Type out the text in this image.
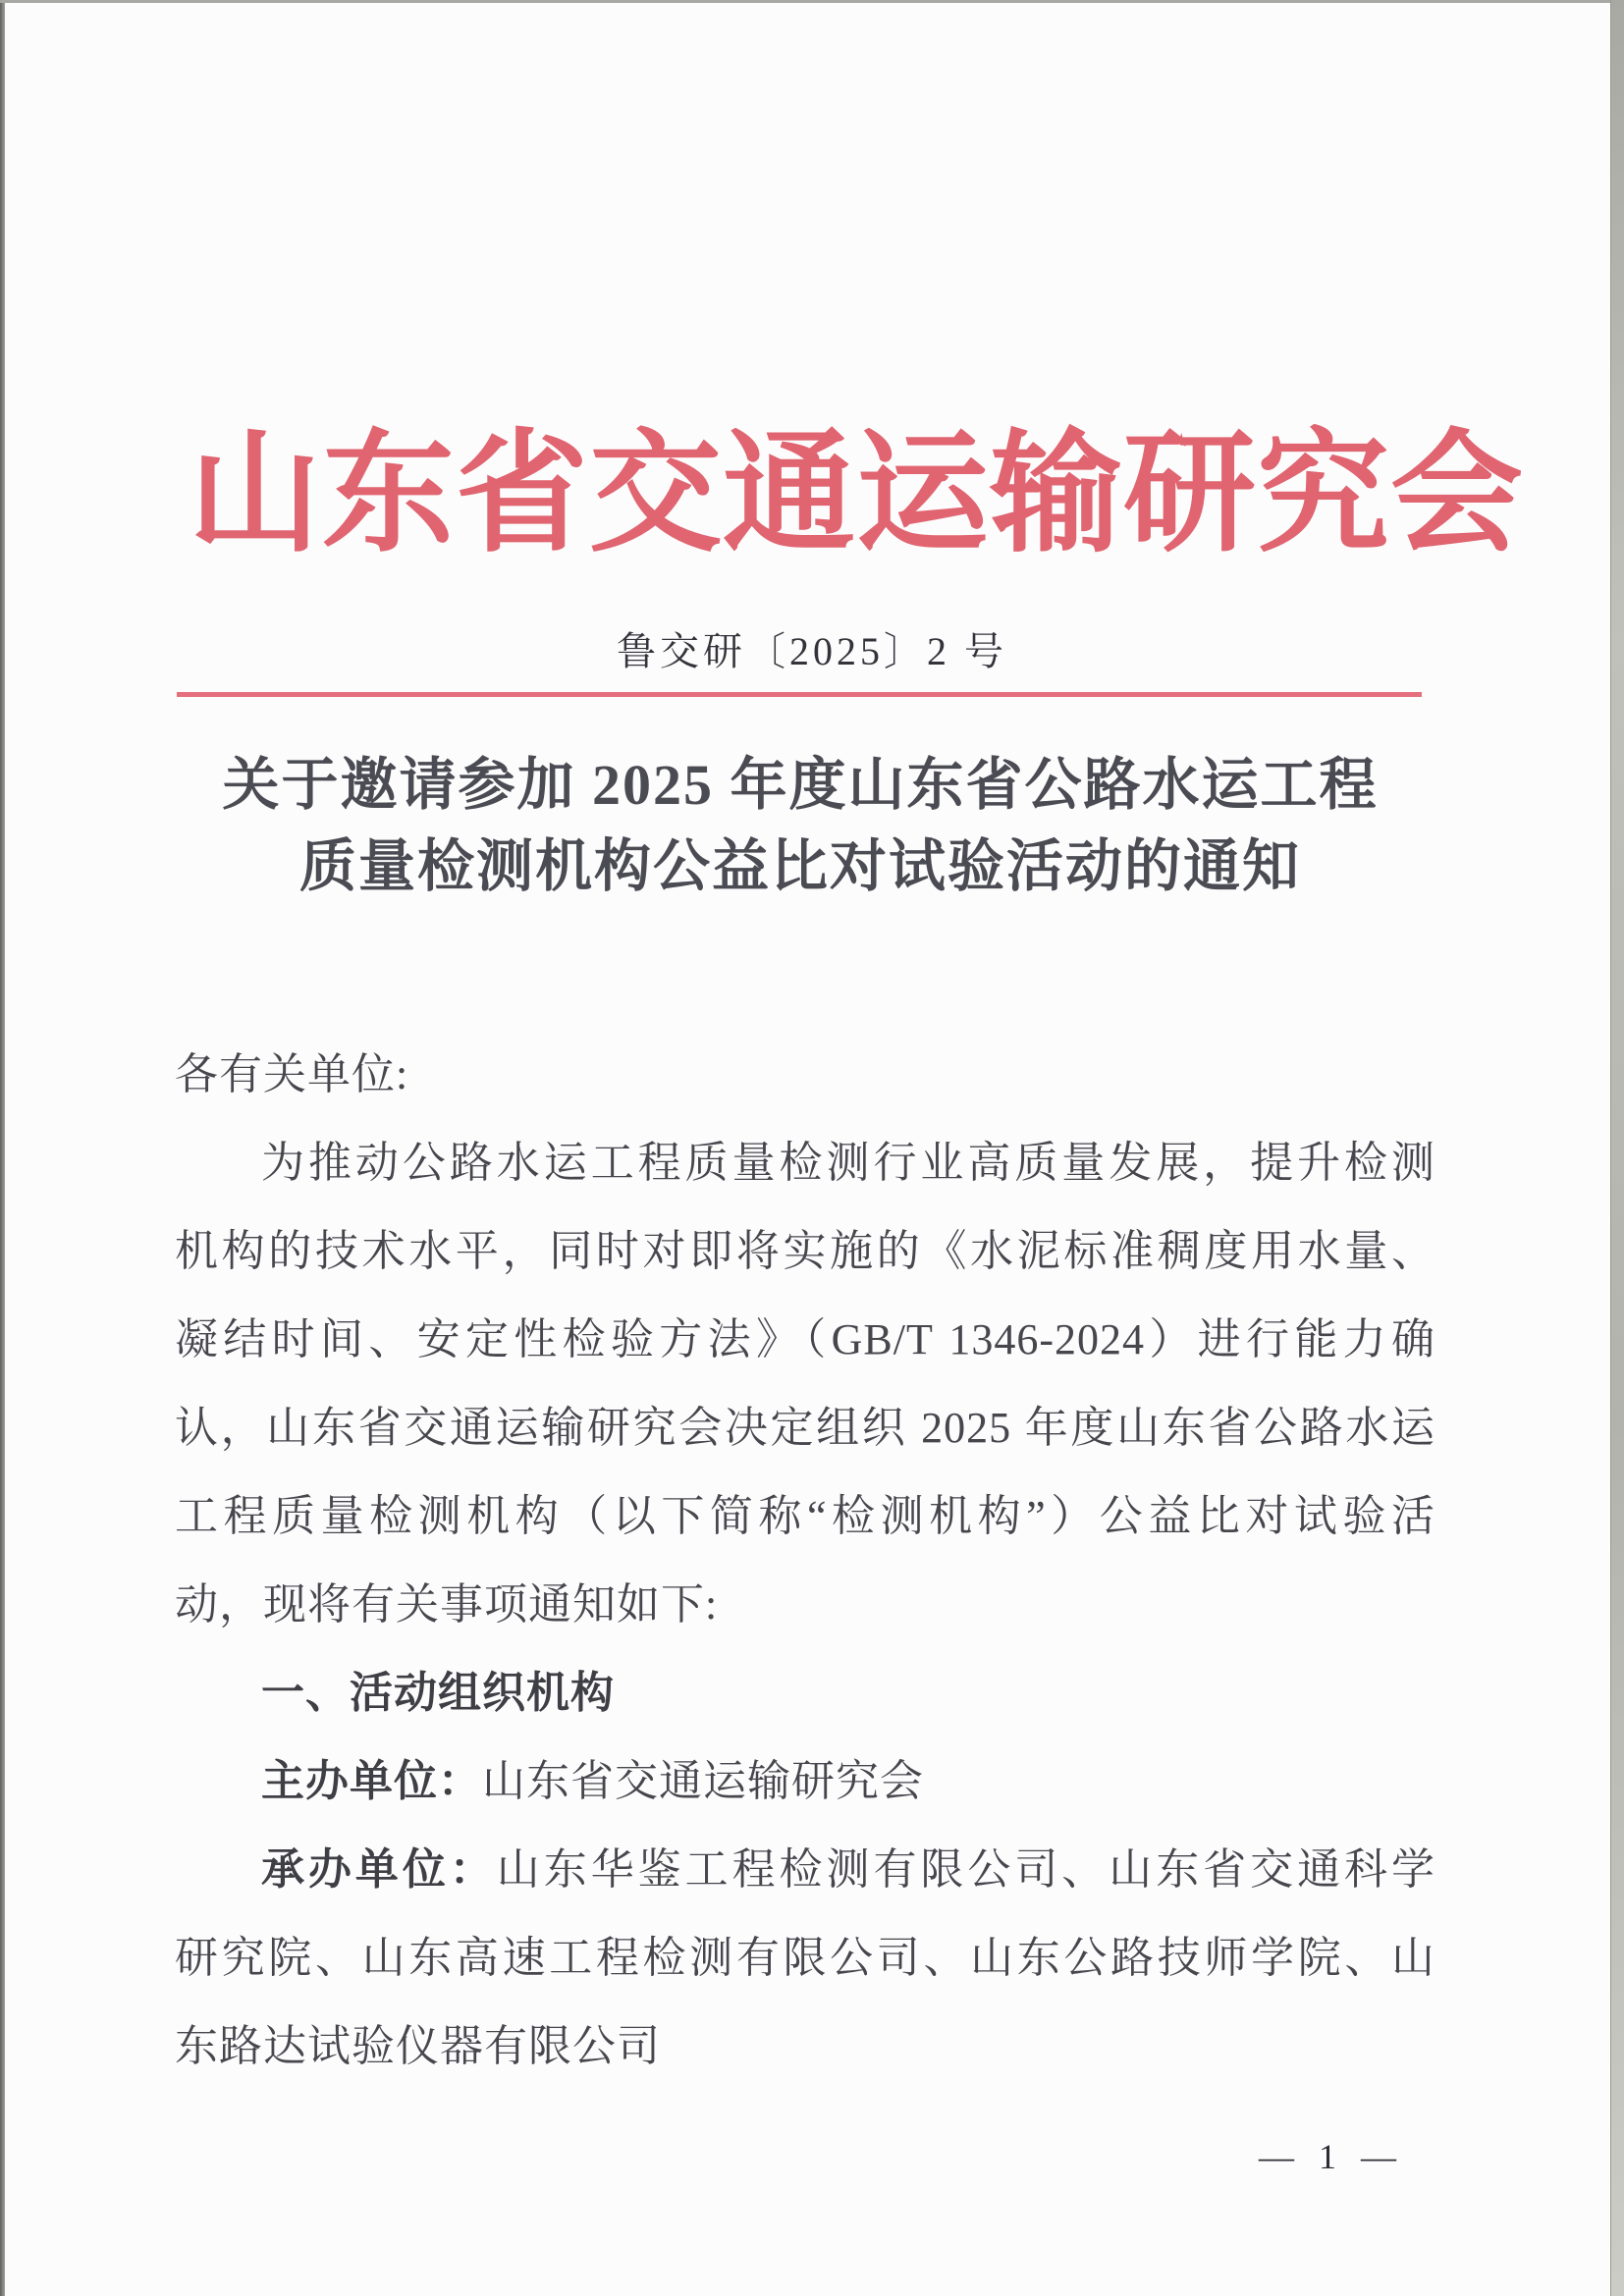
山东省交通运输研究会
鲁交研〔2025〕2 号
关于邀请参加 2025 年度山东省公路水运工程
质量检测机构公益比对试验活动的通知
各有关单位:
为推动公路水运工程质量检测行业高质量发展，提升检测
机构的技术水平，同时对即将实施的《水泥标准稠度用水量、
凝结时间、安定性检验方法》（GB/T 1346-2024）进行能力确
认，山东省交通运输研究会决定组织 2025 年度山东省公路水运
工程质量检测机构（以下简称“检测机构”）公益比对试验活
动，现将有关事项通知如下:
一、活动组织机构
主办单位：山东省交通运输研究会
承办单位：山东华鉴工程检测有限公司、山东省交通科学
研究院、山东高速工程检测有限公司、山东公路技师学院、山
东路达试验仪器有限公司
— 1 —
